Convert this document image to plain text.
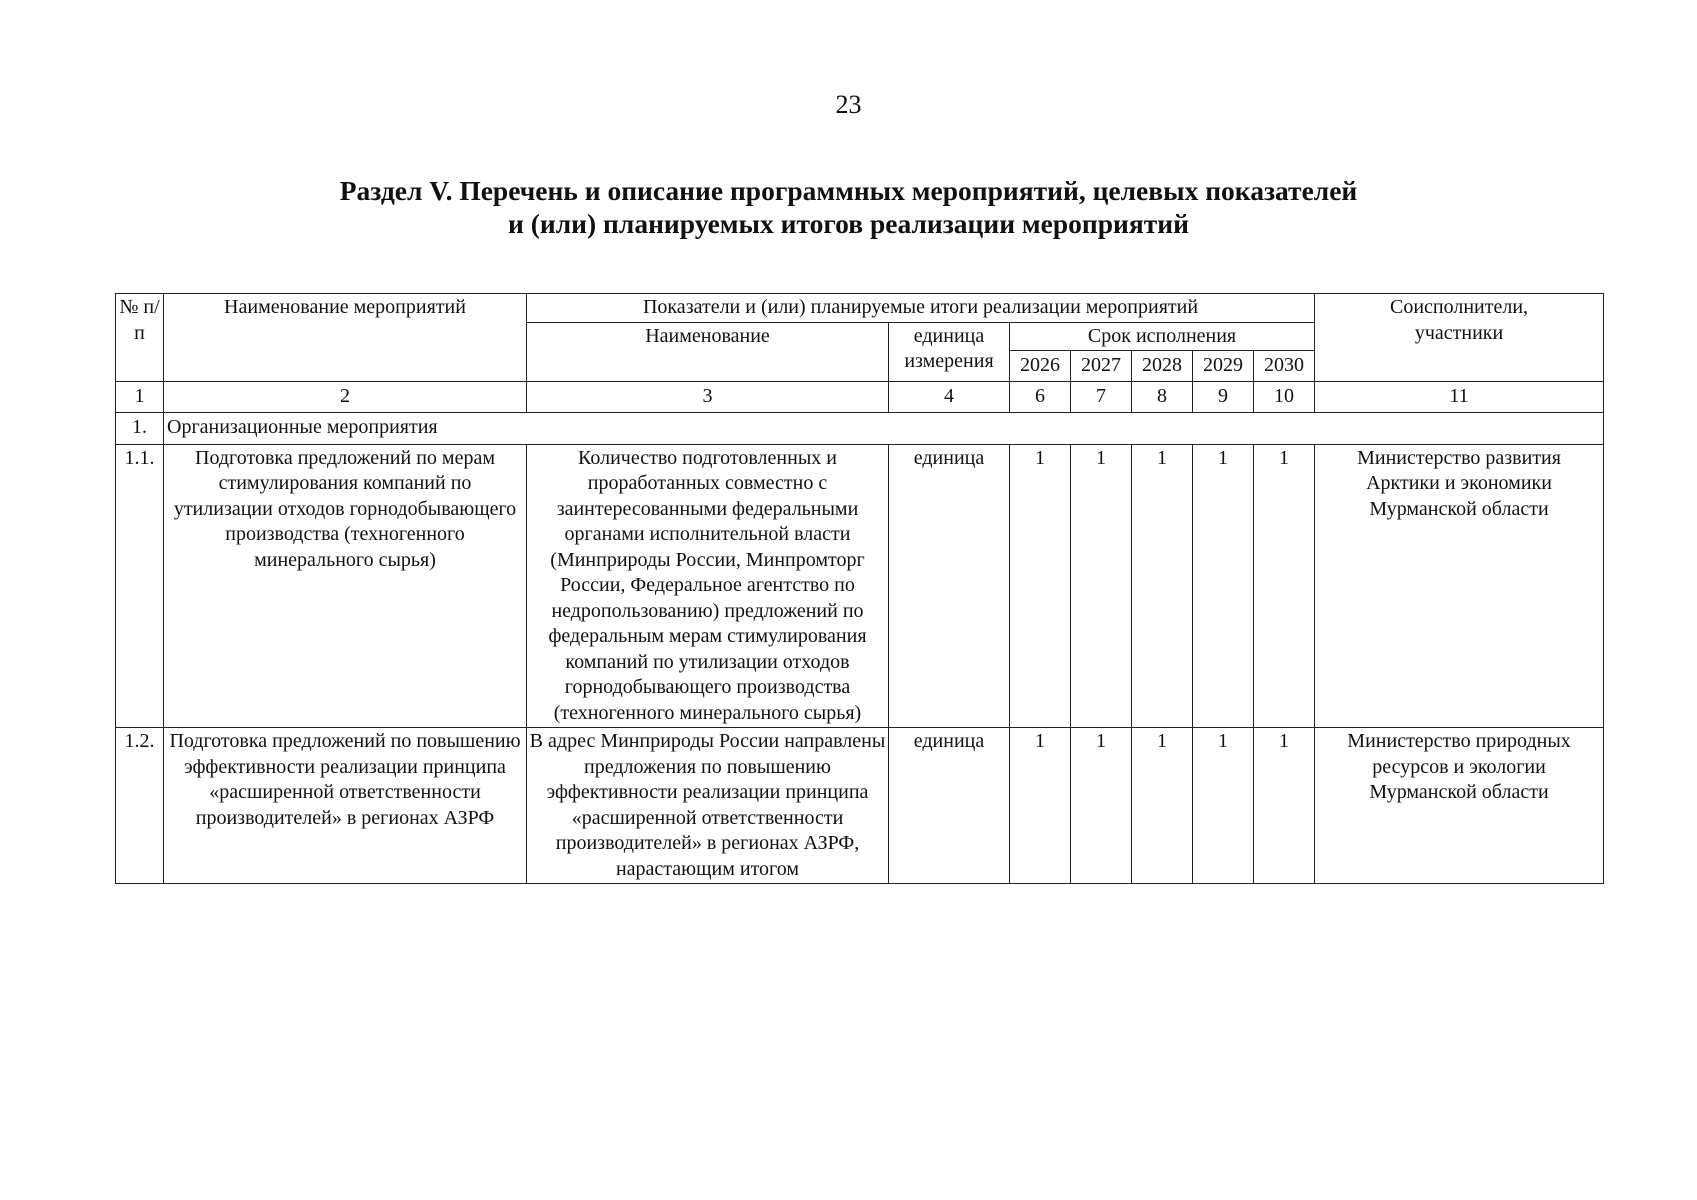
23
Раздел V. Перечень и описание программных мероприятий, целевых показателей
и (или) планируемых итогов реализации мероприятий
№ п/п	Наименование мероприятий	Показатели и (или) планируемые итоги реализации мероприятий							Соисполнители, участники

		Наименование	единица измерения	Срок исполнения					
				2026	2027	2028	2029	2030	
1	2	3	4	6	7	8	9	10	11
1.	Организационные мероприятия								
1.1.	Подготовка предложений по мерам стимулирования компаний по утилизации отходов горнодобывающего производства (техногенного минерального сырья)	Количество подготовленных и проработанных совместно с заинтересованными федеральными органами исполнительной власти (Минприроды России, Минпромторг России, Федеральное агентство по недропользованию) предложений по федеральным мерам стимулирования компаний по утилизации отходов горнодобывающего производства (техногенного минерального сырья)	единица	1	1	1	1	1	Министерство развития Арктики и экономики Мурманской области

1.2.	Подготовка предложений по повышению эффективности реализации принципа «расширенной ответственности производителей» в регионах АЗРФ	В адрес Минприроды России направлены предложения по повышению эффективности реализации принципа «расширенной ответственности производителей» в регионах АЗРФ, нарастающим итогом	единица	1	1	1	1	1	Министерство природных ресурсов и экологии Мурманской области
